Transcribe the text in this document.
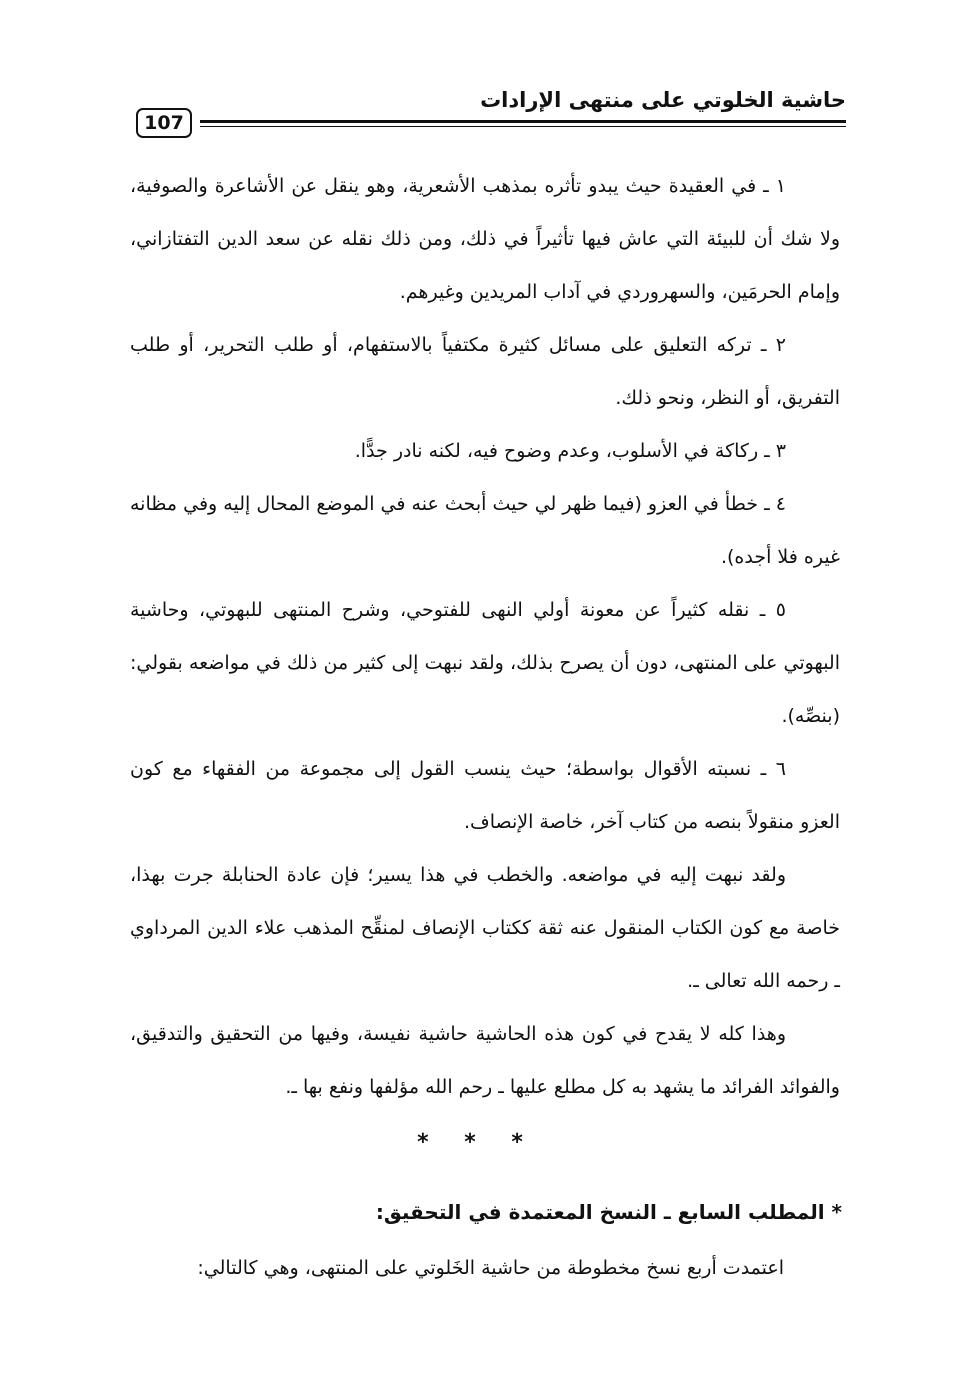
حاشية الخلوتي على منتهى الإرادات
107
١ ـ في العقيدة حيث يبدو تأثره بمذهب الأشعرية، وهو ينقل عن الأشاعرة والصوفية، ولا شك أن للبيئة التي عاش فيها تأثيراً في ذلك، ومن ذلك نقله عن سعد الدين التفتازاني، وإمام الحرمَين، والسهروردي في آداب المريدين وغيرهم.
٢ ـ تركه التعليق على مسائل كثيرة مكتفياً بالاستفهام، أو طلب التحرير، أو طلب التفريق، أو النظر، ونحو ذلك.
٣ ـ ركاكة في الأسلوب، وعدم وضوح فيه، لكنه نادر جدًّا.
٤ ـ خطأ في العزو (فيما ظهر لي حيث أبحث عنه في الموضع المحال إليه وفي مظانه غيره فلا أجده).
٥ ـ نقله كثيراً عن معونة أولي النهى للفتوحي، وشرح المنتهى للبهوتي، وحاشية البهوتي على المنتهى، دون أن يصرح بذلك، ولقد نبهت إلى كثير من ذلك في مواضعه بقولي: (بنصِّه).
٦ ـ نسبته الأقوال بواسطة؛ حيث ينسب القول إلى مجموعة من الفقهاء مع كون العزو منقولاً بنصه من كتاب آخر، خاصة الإنصاف.
ولقد نبهت إليه في مواضعه. والخطب في هذا يسير؛ فإن عادة الحنابلة جرت بهذا، خاصة مع كون الكتاب المنقول عنه ثقة ككتاب الإنصاف لمنقِّح المذهب علاء الدين المرداوي ـ رحمه الله تعالى ـ.
وهذا كله لا يقدح في كون هذه الحاشية حاشية نفيسة، وفيها من التحقيق والتدقيق، والفوائد الفرائد ما يشهد به كل مطلع عليها ـ رحم الله مؤلفها ونفع بها ـ.
* * *
* المطلب السابع ـ النسخ المعتمدة في التحقيق:
اعتمدت أربع نسخ مخطوطة من حاشية الخَلوتي على المنتهى، وهي كالتالي:
